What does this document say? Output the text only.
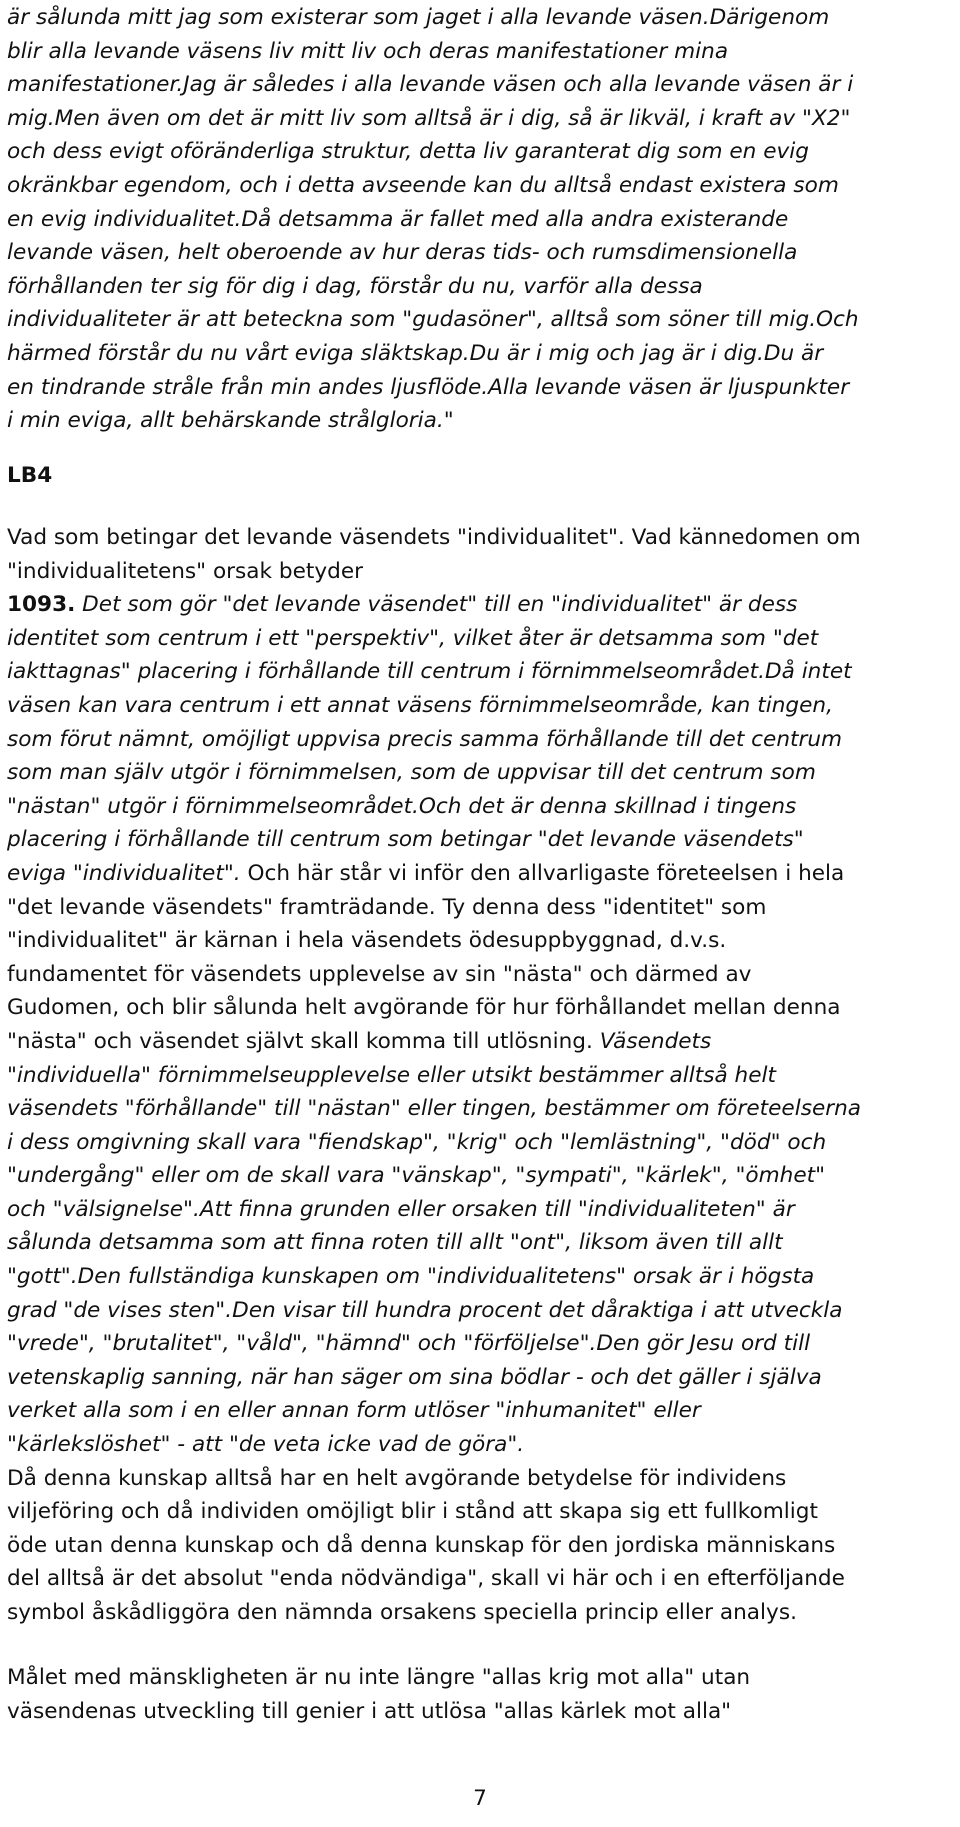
är sålunda mitt jag som existerar som jaget i alla levande väsen.Därigenom
blir alla levande väsens liv mitt liv och deras manifestationer mina
manifestationer.Jag är således i alla levande väsen och alla levande väsen är i
mig.Men även om det är mitt liv som alltså är i dig, så är likväl, i kraft av "X2"
och dess evigt oföränderliga struktur, detta liv garanterat dig som en evig
okränkbar egendom, och i detta avseende kan du alltså endast existera som
en evig individualitet.Då detsamma är fallet med alla andra existerande
levande väsen, helt oberoende av hur deras tids- och rumsdimensionella
förhållanden ter sig för dig i dag, förstår du nu, varför alla dessa
individualiteter är att beteckna som "gudasöner", alltså som söner till mig.Och
härmed förstår du nu vårt eviga släktskap.Du är i mig och jag är i dig.Du är
en tindrande stråle från min andes ljusflöde.Alla levande väsen är ljuspunkter
i min eviga, allt behärskande strålgloria."
LB4
Vad som betingar det levande väsendets "individualitet". Vad kännedomen om
"individualitetens" orsak betyder
1093. Det som gör "det levande väsendet" till en "individualitet" är dess
identitet som centrum i ett "perspektiv", vilket åter är detsamma som "det
iakttagnas" placering i förhållande till centrum i förnimmelseområdet.Då intet
väsen kan vara centrum i ett annat väsens förnimmelseområde, kan tingen,
som förut nämnt, omöjligt uppvisa precis samma förhållande till det centrum
som man själv utgör i förnimmelsen, som de uppvisar till det centrum som
"nästan" utgör i förnimmelseområdet.Och det är denna skillnad i tingens
placering i förhållande till centrum som betingar "det levande väsendets"
eviga "individualitet". Och här står vi inför den allvarligaste företeelsen i hela
"det levande väsendets" framträdande. Ty denna dess "identitet" som
"individualitet" är kärnan i hela väsendets ödesuppbyggnad, d.v.s.
fundamentet för väsendets upplevelse av sin "nästa" och därmed av
Gudomen, och blir sålunda helt avgörande för hur förhållandet mellan denna
"nästa" och väsendet självt skall komma till utlösning. Väsendets
"individuella" förnimmelseupplevelse eller utsikt bestämmer alltså helt
väsendets "förhållande" till "nästan" eller tingen, bestämmer om företeelserna
i dess omgivning skall vara "fiendskap", "krig" och "lemlästning", "död" och
"undergång" eller om de skall vara "vänskap", "sympati", "kärlek", "ömhet"
och "välsignelse".Att finna grunden eller orsaken till "individualiteten" är
sålunda detsamma som att finna roten till allt "ont", liksom även till allt
"gott".Den fullständiga kunskapen om "individualitetens" orsak är i högsta
grad "de vises sten".Den visar till hundra procent det dåraktiga i att utveckla
"vrede", "brutalitet", "våld", "hämnd" och "förföljelse".Den gör Jesu ord till
vetenskaplig sanning, när han säger om sina bödlar - och det gäller i själva
verket alla som i en eller annan form utlöser "inhumanitet" eller
"kärlekslöshet" - att "de veta icke vad de göra".
Då denna kunskap alltså har en helt avgörande betydelse för individens
viljeföring och då individen omöjligt blir i stånd att skapa sig ett fullkomligt
öde utan denna kunskap och då denna kunskap för den jordiska människans
del alltså är det absolut "enda nödvändiga", skall vi här och i en efterföljande
symbol åskådliggöra den nämnda orsakens speciella princip eller analys.
Målet med mänskligheten är nu inte längre "allas krig mot alla" utan
väsendenas utveckling till genier i att utlösa "allas kärlek mot alla"
7
